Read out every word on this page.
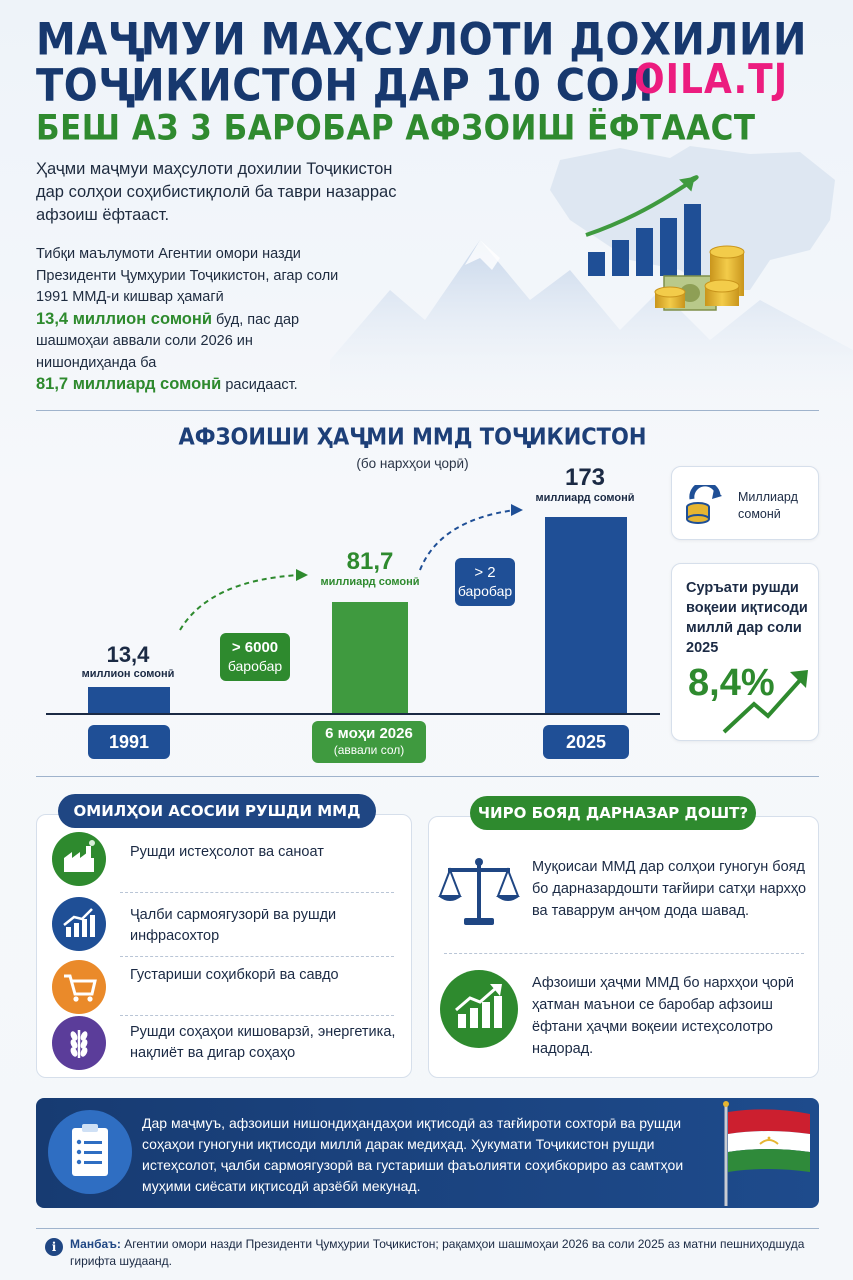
МАҶМУИ МАҲСУЛОТИ ДОХИЛИИ
ТОҶИКИСТОН ДАР 10 СОЛ
БЕШ АЗ 3 БАРОБАР АФЗОИШ ЁФТААСТ
OILA.TJ
Ҳаҷми маҷмуи маҳсулоти дохилии Тоҷикистон дар солҳои соҳибистиқлолӣ ба таври назаррас афзоиш ёфтааст.
Тибқи маълумоти Агентии омори назди Президенти Ҷумҳурии Тоҷикистон, агар соли 1991 ММД-и кишвар ҳамагӣ
13,4 миллион сомонӣ буд, пас дар шашмоҳаи аввали соли 2026 ин нишондиҳанда ба
81,7 миллиард сомонӣ расидааст.
АФЗОИШИ ҲАҶМИ ММД ТОҶИКИСТОН
(бо нархҳои ҷорӣ)
13,4
миллион сомонӣ
81,7
миллиард сомонӣ
173
миллиард сомонӣ
1991	6 моҳи 2026
(аввали сол)	2025
> 6000
баробар
> 2
баробар
Миллиард сомонӣ
Суръати рушди воқеии иқтисоди миллӣ дар соли 2025
8,4%
ОМИЛҲОИ АСОСИИ РУШДИ ММД
Рушди истеҳсолот ва саноат
Ҷалби сармоягузорӣ ва рушди инфрасохтор
Густариши соҳибкорӣ ва савдо
Рушди соҳаҳои кишоварзӣ, энергетика, нақлиёт ва дигар соҳаҳо
ЧИРО БОЯД ДАРНАЗАР ДОШТ?
Муқоисаи ММД дар солҳои гуногун бояд бо дарназардошти тағйири сатҳи нархҳо ва таваррум анҷом дода шавад.
Афзоиши ҳаҷми ММД бо нархҳои ҷорӣ ҳатман маънои се баробар афзоиш ёфтани ҳаҷми воқеии истеҳсолотро надорад.
Дар маҷмуъ, афзоиши нишондиҳандаҳои иқтисодӣ аз тағйироти сохторӣ ва рушди соҳаҳои гуногуни иқтисоди миллӣ дарак медиҳад. Ҳукумати Тоҷикистон рушди истеҳсолот, ҷалби сармоягузорӣ ва густариши фаъолияти соҳибкориро аз самтҳои муҳими сиёсати иқтисодӣ арзёбӣ мекунад.
i	Манбаъ: Агентии омори назди Президенти Ҷумҳурии Тоҷикистон; рақамҳои шашмоҳаи 2026 ва соли 2025 аз матни пешниҳодшуда гирифта шудаанд.
